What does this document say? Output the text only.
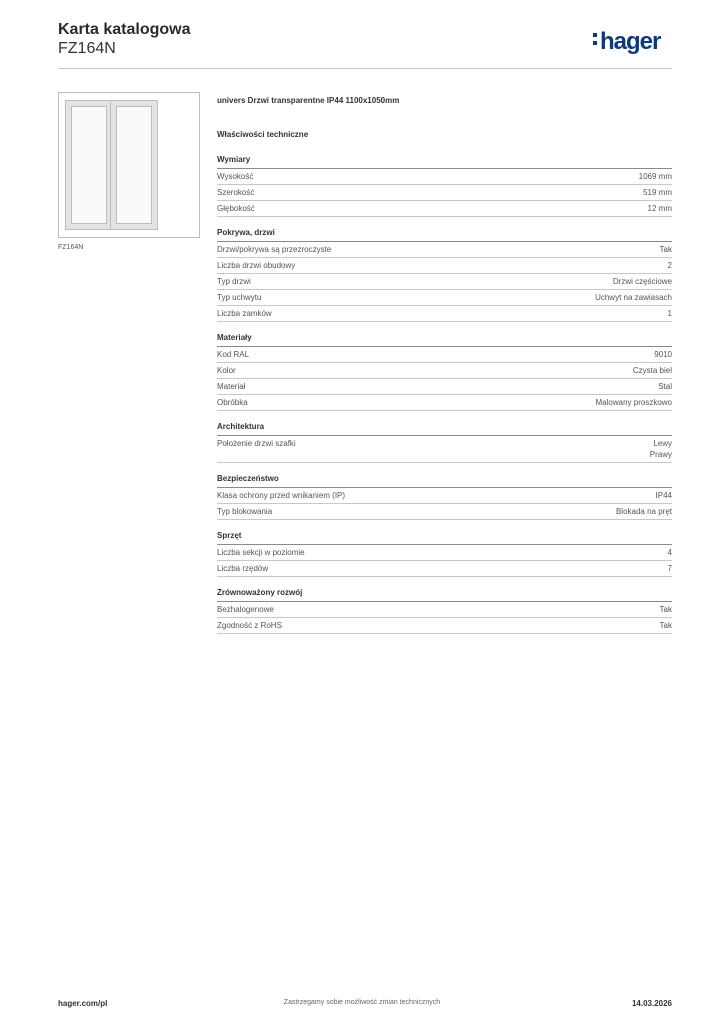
Karta katalogowa
FZ164N	hager
FZ164N
univers Drzwi transparentne IP44 1100x1050mm
Właściwości techniczne
Wymiary
Wysokość	1069 mm
Szerokość	519 mm
Głębokość	12 mm
Pokrywa, drzwi
Drzwi/pokrywa są przezroczyste	Tak
Liczba drzwi obudowy	2
Typ drzwi	Drzwi częściowe
Typ uchwytu	Uchwyt na zawiasach
Liczba zamków	1
Materiały
Kod RAL	9010
Kolor	Czysta biel
Materiał	Stal
Obróbka	Malowany proszkowo
Architektura
Położenie drzwi szafki	Lewy
Prawy
Bezpieczeństwo
Klasa ochrony przed wnikaniem (IP)	IP44
Typ blokowania	Blokada na pręt
Sprzęt
Liczba sekcji w poziomie	4
Liczba rzędów	7
Zrównoważony rozwój
Bezhalogenowe	Tak
Zgodność z RoHS	Tak
hager.com/pl	Zastrzegamy sobie możliwość zmian technicznych	14.03.2026
